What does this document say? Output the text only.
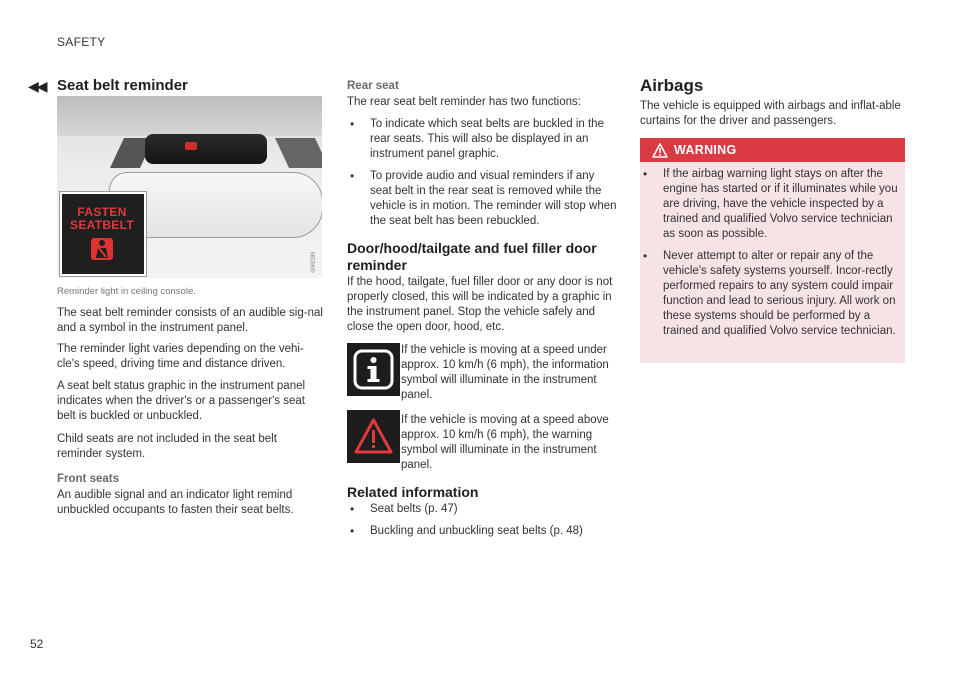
SAFETY
◀◀
52
Seat belt reminder
FASTEN
SEATBELT
G062193
Reminder light in ceiling console.

The seat belt reminder consists of an audible sig-nal and a symbol in the instrument panel.

The reminder light varies depending on the vehi-cle's speed, driving time and distance driven.

A seat belt status graphic in the instrument panel indicates when the driver's or a passenger's seat belt is buckled or unbuckled.

Child seats are not included in the seat belt reminder system.

Front seats

An audible signal and an indicator light remind unbuckled occupants to fasten their seat belts.

Rear seat

The rear seat belt reminder has two functions:

• To indicate which seat belts are buckled in the rear seats. This will also be displayed in an instrument panel graphic.
• To provide audio and visual reminders if any seat belt in the rear seat is removed while the vehicle is in motion. The reminder will stop when the seat belt has been rebuckled.
Door/hood/tailgate and fuel filler door
reminder

If the hood, tailgate, fuel filler door or any door is not properly closed, this will be indicated by a graphic in the instrument panel. Stop the vehicle safely and close the open door, hood, etc.

If the vehicle is moving at a speed under approx. 10 km/h (6 mph), the information symbol will illuminate in the instrument panel.

If the vehicle is moving at a speed above approx. 10 km/h (6 mph), the warning symbol will illuminate in the instrument panel.

Related information
• Seat belts (p. 47)
• Buckling and unbuckling seat belts (p. 48)
Airbags

The vehicle is equipped with airbags and inflat-able curtains for the driver and passengers.

WARNING
• If the airbag warning light stays on after the engine has started or if it illuminates while you are driving, have the vehicle inspected by a trained and qualified Volvo service technician as soon as possible.
• Never attempt to alter or repair any of the vehicle's safety systems yourself. Incor-rectly performed repairs to any system could impair function and lead to serious injury. All work on these systems should be performed by a trained and qualified Volvo service technician.
